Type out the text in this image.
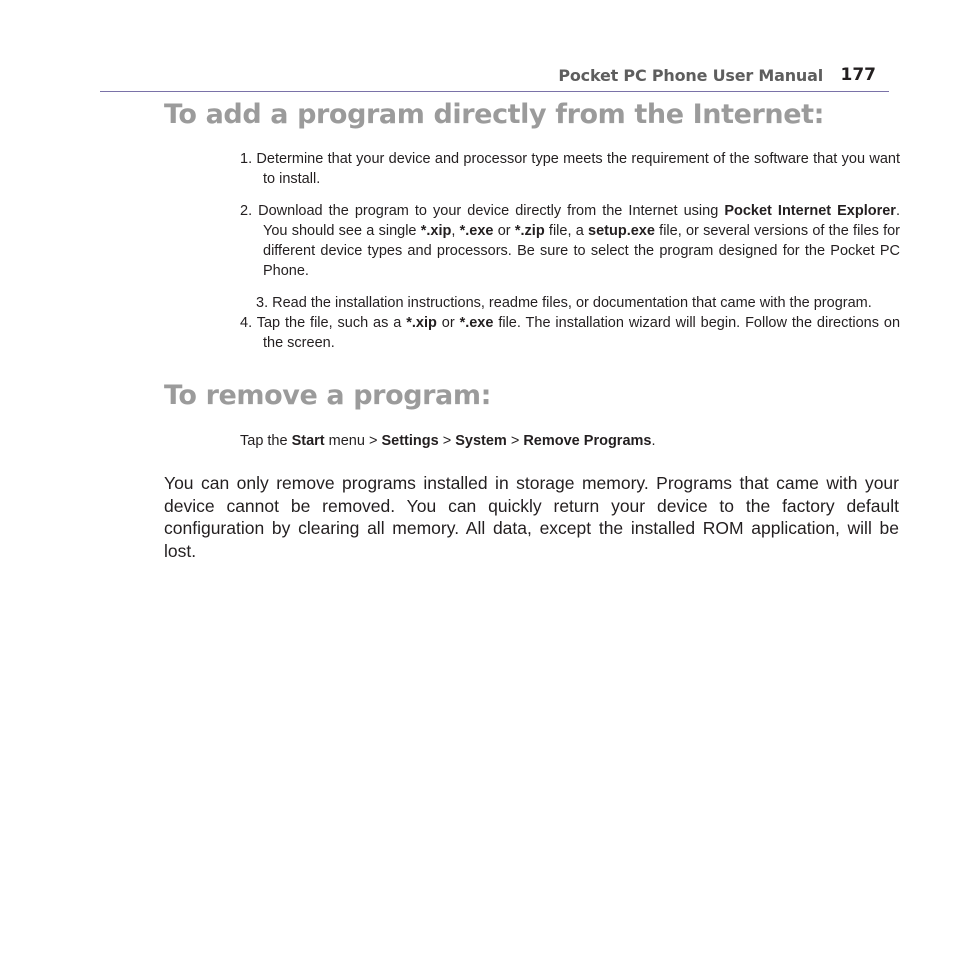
Pocket PC Phone User Manual 177
To add a program directly from the Internet:

1. Determine that your device and processor type meets the requirement of the software that you want to install.

2. Download the program to your device directly from the Internet using Pocket Internet Explorer. You should see a single *.xip, *.exe or *.zip file, a setup.exe file, or several versions of the files for different device types and processors. Be sure to select the program designed for the Pocket PC Phone.

3. Read the installation instructions, readme files, or documentation that came with the program.

4. Tap the file, such as a *.xip or *.exe file. The installation wizard will begin. Follow the directions on the screen.

To remove a program:
Tap the Start menu > Settings > System > Remove Programs.

You can only remove programs installed in storage memory. Programs that came with your device cannot be removed. You can quickly return your device to the factory default configuration by clearing all memory. All data, except the installed ROM application, will be lost.
